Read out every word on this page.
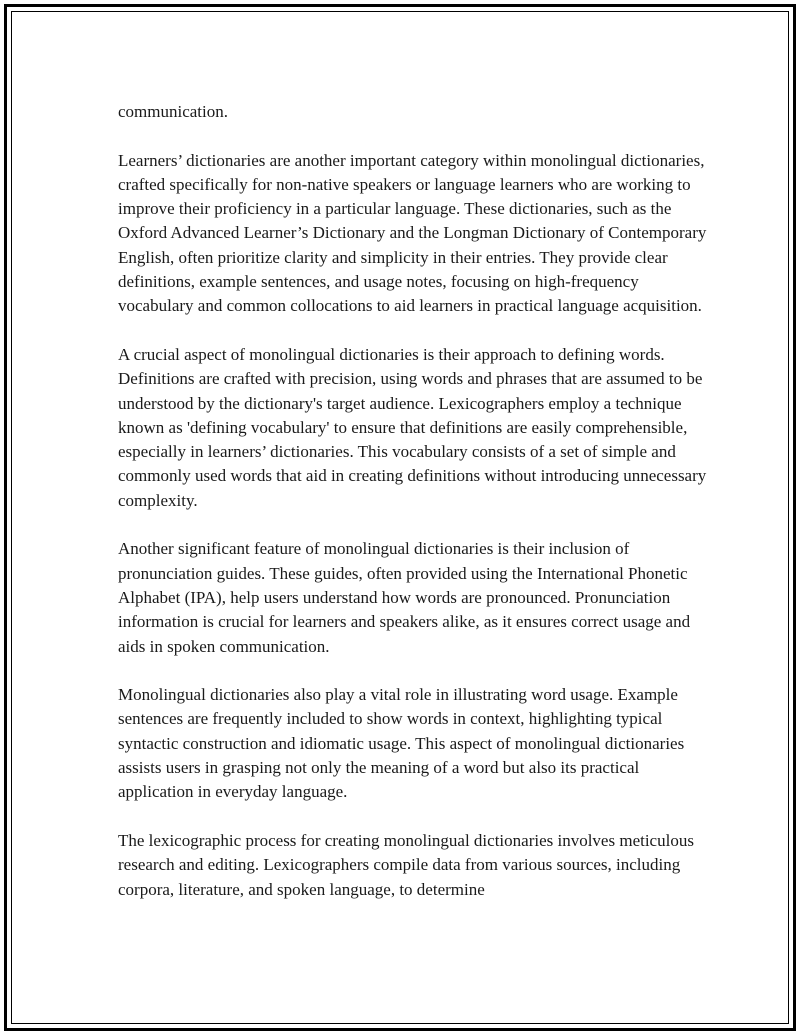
communication.

Learners’ dictionaries are another important category within monolingual dictionaries, crafted specifically for non-native speakers or language learners who are working to improve their proficiency in a particular language. These dictionaries, such as the Oxford Advanced Learner’s Dictionary and the Longman Dictionary of Contemporary English, often prioritize clarity and simplicity in their entries. They provide clear definitions, example sentences, and usage notes, focusing on high-frequency vocabulary and common collocations to aid learners in practical language acquisition.

A crucial aspect of monolingual dictionaries is their approach to defining words. Definitions are crafted with precision, using words and phrases that are assumed to be understood by the dictionary's target audience. Lexicographers employ a technique known as 'defining vocabulary' to ensure that definitions are easily comprehensible, especially in learners’ dictionaries. This vocabulary consists of a set of simple and commonly used words that aid in creating definitions without introducing unnecessary complexity.

Another significant feature of monolingual dictionaries is their inclusion of pronunciation guides. These guides, often provided using the International Phonetic Alphabet (IPA), help users understand how words are pronounced. Pronunciation information is crucial for learners and speakers alike, as it ensures correct usage and aids in spoken communication.

Monolingual dictionaries also play a vital role in illustrating word usage. Example sentences are frequently included to show words in context, highlighting typical syntactic construction and idiomatic usage. This aspect of monolingual dictionaries assists users in grasping not only the meaning of a word but also its practical application in everyday language.

The lexicographic process for creating monolingual dictionaries involves meticulous research and editing. Lexicographers compile data from various sources, including corpora, literature, and spoken language, to determine
